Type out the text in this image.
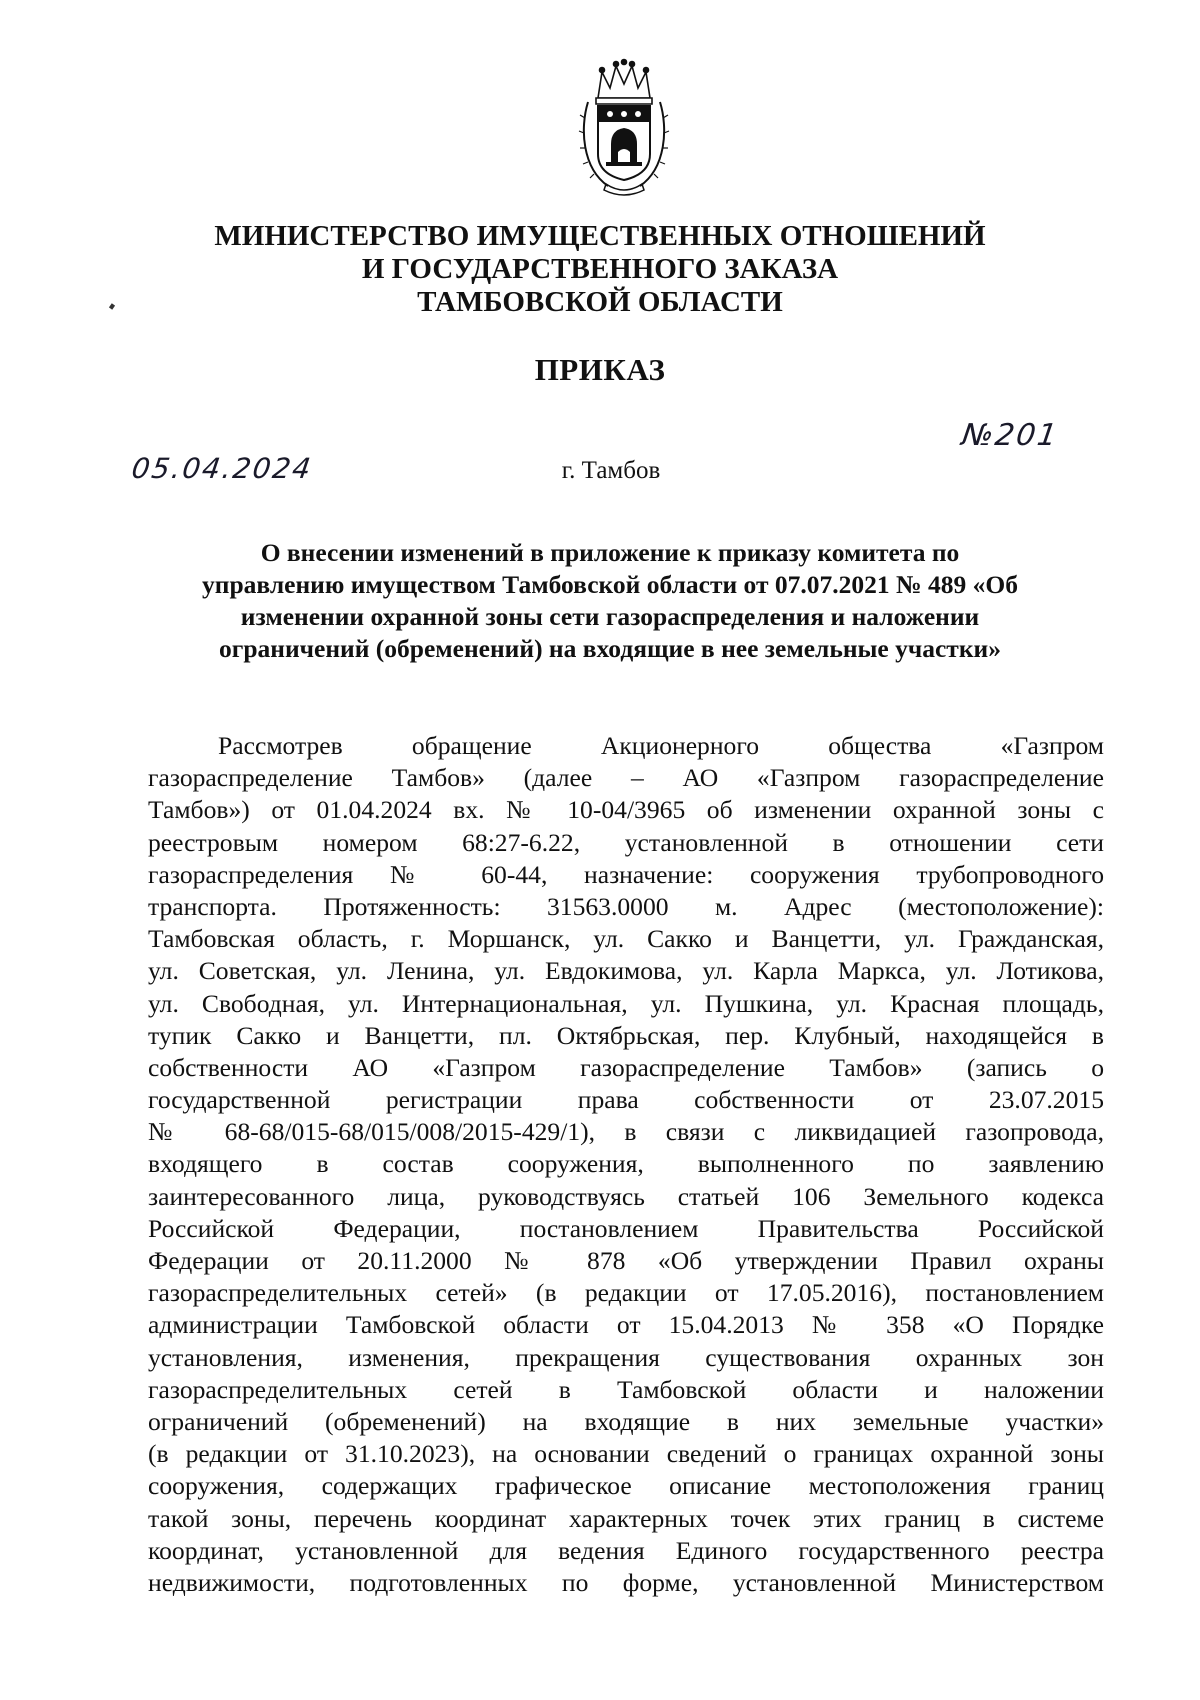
МИНИСТЕРСТВО ИМУЩЕСТВЕННЫХ ОТНОШЕНИЙ
И ГОСУДАРСТВЕННОГО ЗАКАЗА
ТАМБОВСКОЙ ОБЛАСТИ
ПРИКАЗ
05.04.2024
№201
г. Тамбов
О внесении изменений в приложение к приказу комитета по
управлению имуществом Тамбовской области от 07.07.2021 № 489 «Об
изменении охранной зоны сети газораспределения и наложении
ограничений (обременений) на входящие в нее земельные участки»
Рассмотрев обращение Акционерного общества «Газпром
газораспределение Тамбов» (далее – АО «Газпром газораспределение
Тамбов») от 01.04.2024 вх. № 10-04/3965 об изменении охранной зоны с
реестровым номером 68:27-6.22, установленной в отношении сети
газораспределения № 60-44, назначение: сооружения трубопроводного
транспорта. Протяженность: 31563.0000 м. Адрес (местоположение):
Тамбовская область, г. Моршанск, ул. Сакко и Ванцетти, ул. Гражданская,
ул. Советская, ул. Ленина, ул. Евдокимова, ул. Карла Маркса, ул. Лотикова,
ул. Свободная, ул. Интернациональная, ул. Пушкина, ул. Красная площадь,
тупик Сакко и Ванцетти, пл. Октябрьская, пер. Клубный, находящейся в
собственности АО «Газпром газораспределение Тамбов» (запись о
государственной регистрации права собственности от 23.07.2015
№ 68-68/015-68/015/008/2015-429/1), в связи с ликвидацией газопровода,
входящего в состав сооружения, выполненного по заявлению
заинтересованного лица, руководствуясь статьей 106 Земельного кодекса
Российской Федерации, постановлением Правительства Российской
Федерации от 20.11.2000 № 878 «Об утверждении Правил охраны
газораспределительных сетей» (в редакции от 17.05.2016), постановлением
администрации Тамбовской области от 15.04.2013 № 358 «О Порядке
установления, изменения, прекращения существования охранных зон
газораспределительных сетей в Тамбовской области и наложении
ограничений (обременений) на входящие в них земельные участки»
(в редакции от 31.10.2023), на основании сведений о границах охранной зоны
сооружения, содержащих графическое описание местоположения границ
такой зоны, перечень координат характерных точек этих границ в системе
координат, установленной для ведения Единого государственного реестра
недвижимости, подготовленных по форме, установленной Министерством
